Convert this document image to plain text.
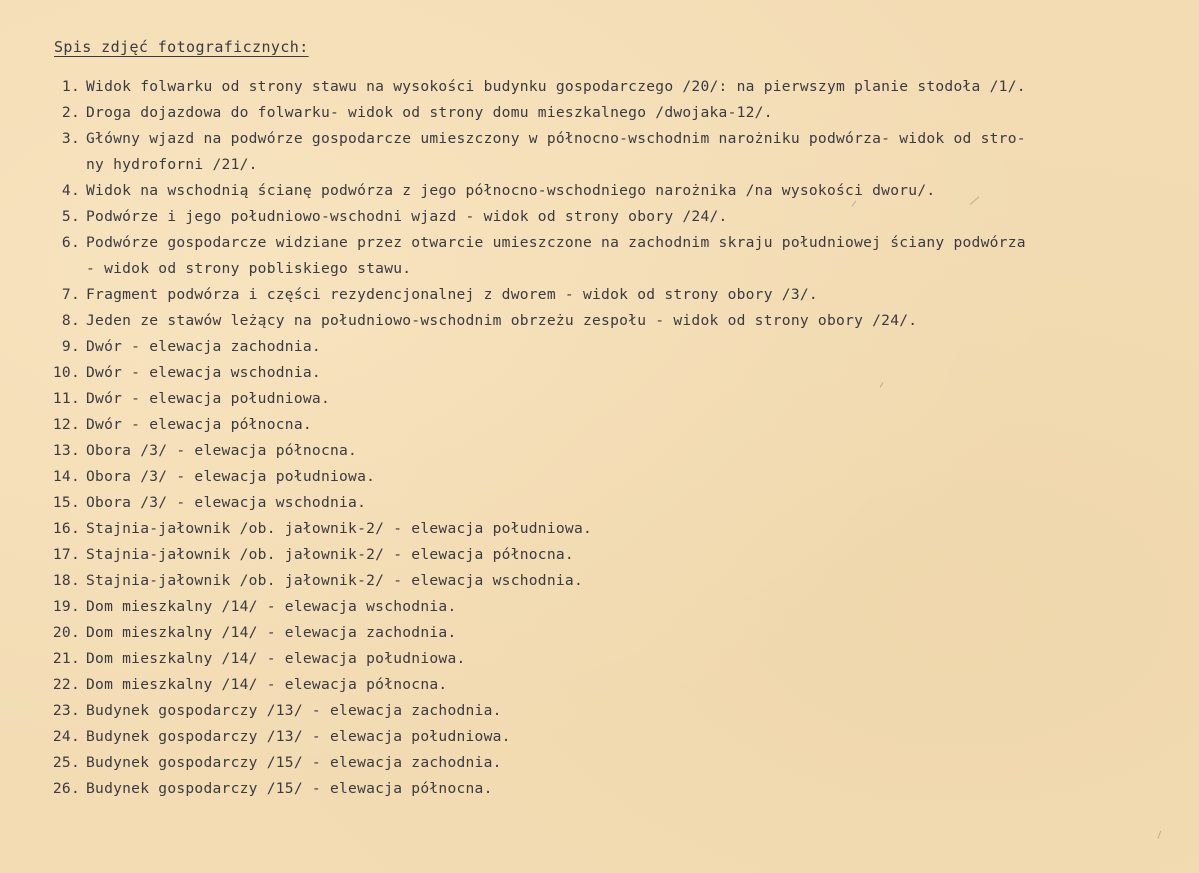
Spis zdjęć fotograficznych:
1. Widok folwarku od strony stawu na wysokości budynku gospodarczego /20/: na pierwszym planie stodoła /1/.
2. Droga dojazdowa do folwarku- widok od strony domu mieszkalnego /dwojaka-12/.
3. Główny wjazd na podwórze gospodarcze umieszczony w północno-wschodnim narożniku podwórza- widok od stro-
ny hydroforni /21/.
4. Widok na wschodnią ścianę podwórza z jego północno-wschodniego narożnika /na wysokości dworu/.
5. Podwórze i jego południowo-wschodni wjazd - widok od strony obory /24/.
6. Podwórze gospodarcze widziane przez otwarcie umieszczone na zachodnim skraju południowej ściany podwórza
- widok od strony pobliskiego stawu.
7. Fragment podwórza i części rezydencjonalnej z dworem - widok od strony obory /3/.
8. Jeden ze stawów leżący na południowo-wschodnim obrzeżu zespołu - widok od strony obory /24/.
9. Dwór - elewacja zachodnia.
10. Dwór - elewacja wschodnia.
11. Dwór - elewacja południowa.
12. Dwór - elewacja północna.
13. Obora /3/ - elewacja północna.
14. Obora /3/ - elewacja południowa.
15. Obora /3/ - elewacja wschodnia.
16. Stajnia-jałownik /ob. jałownik-2/ - elewacja południowa.
17. Stajnia-jałownik /ob. jałownik-2/ - elewacja północna.
18. Stajnia-jałownik /ob. jałownik-2/ - elewacja wschodnia.
19. Dom mieszkalny /14/ - elewacja wschodnia.
20. Dom mieszkalny /14/ - elewacja zachodnia.
21. Dom mieszkalny /14/ - elewacja południowa.
22. Dom mieszkalny /14/ - elewacja północna.
23. Budynek gospodarczy /13/ - elewacja zachodnia.
24. Budynek gospodarczy /13/ - elewacja południowa.
25. Budynek gospodarczy /15/ - elewacja zachodnia.
26. Budynek gospodarczy /15/ - elewacja północna.
